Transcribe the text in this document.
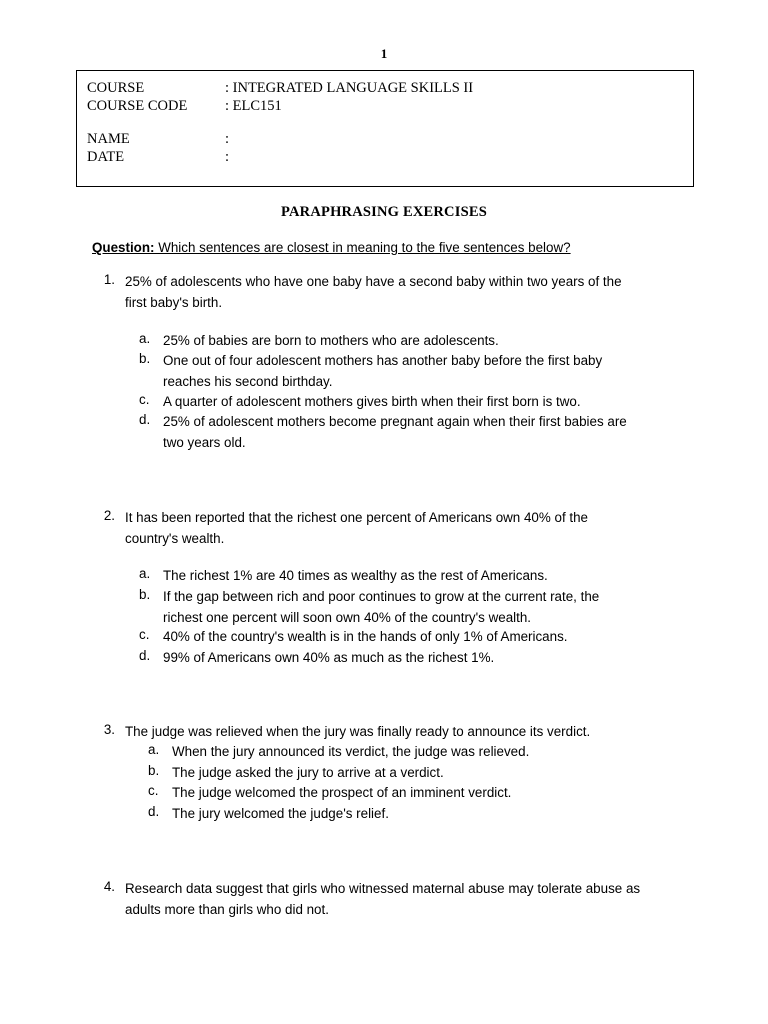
1
COURSE	: INTEGRATED LANGUAGE SKILLS II
COURSE CODE	: ELC151
NAME	:
DATE	:
PARAPHRASING EXERCISES
Question: Which sentences are closest in meaning to the five sentences below?
1. 25% of adolescents who have one baby have a second baby within two years of the
first baby's birth.
a. 25% of babies are born to mothers who are adolescents.
b. One out of four adolescent mothers has another baby before the first baby
reaches his second birthday.
c.	A quarter of adolescent mothers gives birth when their first born is two.
d. 25% of adolescent mothers become pregnant again when their first babies are
two years old.
2. It has been reported that the richest one percent of Americans own 40% of the
country's wealth.
a. The richest 1% are 40 times as wealthy as the rest of Americans.
b. If the gap between rich and poor continues to grow at the current rate, the
richest one percent will soon own 40% of the country's wealth.
c.	40% of the country's wealth is in the hands of only 1% of Americans.
d. 99% of Americans own 40% as much as the richest 1%.
3. The judge was relieved when the jury was finally ready to announce its verdict.
a. When the jury announced its verdict, the judge was relieved.
b. The judge asked the jury to arrive at a verdict.
c.	The judge welcomed the prospect of an imminent verdict.
d. The jury welcomed the judge's relief.
4. Research data suggest that girls who witnessed maternal abuse may tolerate abuse as
adults more than girls who did not.
